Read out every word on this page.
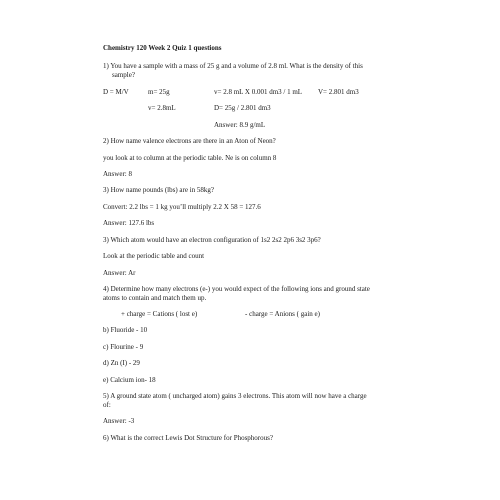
Chemistry 120 Week 2 Quiz 1 questions
1) You have a sample with a mass of 25 g and a volume of 2.8 ml. What is the density of this
sample?
D = M/V	m= 25g	v= 2.8 mL X 0.001 dm3 / 1 mL V= 2.801 dm3
v= 2.8mL	D= 25g / 2.801 dm3
Answer: 8.9 g/mL
2) How name valence electrons are there in an Aton of Neon?
you look at to column at the periodic table. Ne is on column 8
Answer: 8
3) How name pounds (lbs) are in 58kg?
Convert: 2.2 lbs = 1 kg you’ll multiply 2.2 X 58 = 127.6
Answer: 127.6 lbs
3) Which atom would have an electron configuration of 1s2 2s2 2p6 3s2 3p6?
Look at the periodic table and count
Answer: Ar
4) Determine how many electrons (e-) you would expect of the following ions and ground state
atoms to contain and match them up.
+ charge = Cations ( lost e)	- charge = Anions ( gain e)
b) Fluoride - 10
c) Flourine - 9
d) Zn (I) - 29
e) Calcium ion- 18
5) A ground state atom ( uncharged atom) gains 3 electrons. This atom will now have a charge
of:
Answer: -3
6) What is the correct Lewis Dot Structure for Phosphorous?
